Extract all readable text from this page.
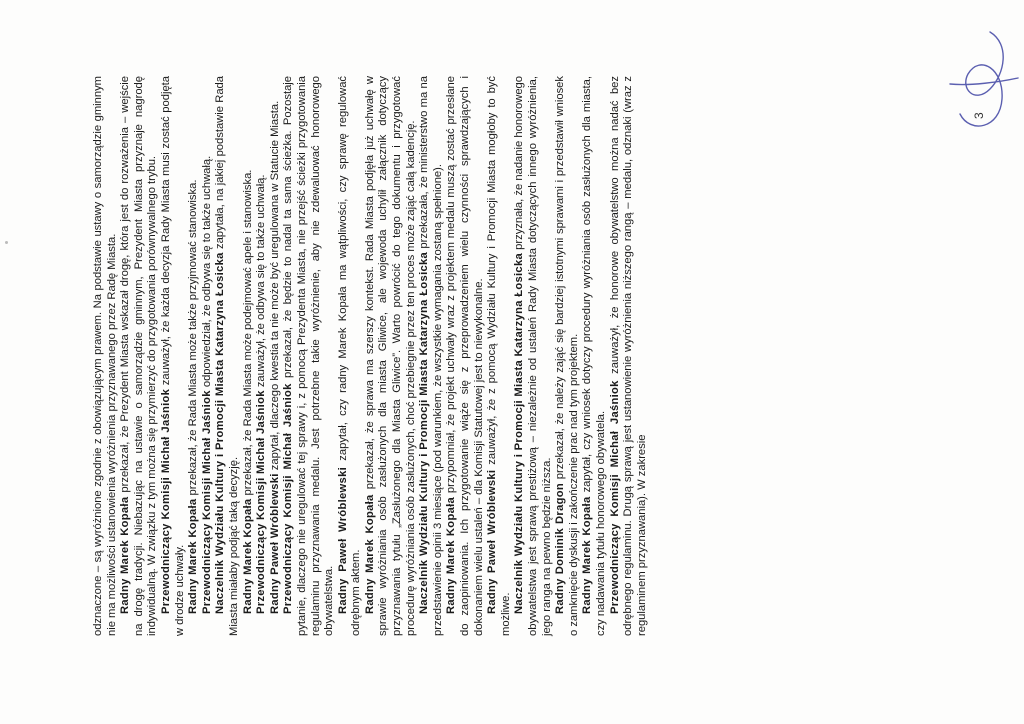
odznaczone – są wyróżnione zgodnie z obowiązującym prawem. Na podstawie ustawy o samorządzie gminnym nie ma możliwości ustanowienia wyróżnienia przyznawanego przez Radę Miasta. Radny Marek Kopała przekazał, że Prezydent Miasta wskazał drogę, która jest do rozważenia – wejście na drogę tradycji. Niebazując na ustawie o samorządzie gminnym, Prezydent Miasta przyznaje nagrodę indywidualną. W związku z tym można się przymierzyć do przygotowania porównywalnego trybu. Przewodniczący Komisji Michał Jaśniok zauważył, że każda decyzja Rady Miasta musi zostać podjęta w drodze uchwały. Radny Marek Kopała przekazał, że Rada Miasta może także przyjmować stanowiska.

Przewodniczący Komisji Michał Jaśniok odpowiedział, że odbywa się to także uchwałą. Naczelnik Wydziału Kultury i Promocji Miasta Katarzyna Łosicka zapytała, na jakiej podstawie Rada Miasta miałaby podjąć taką decyzję. Radny Marek Kopała przekazał, że Rada Miasta może podejmować apele i stanowiska.

Przewodniczący Komisji Michał Jaśniok zauważył, że odbywa się to także uchwałą.

Radny Paweł Wróblewski zapytał, dlaczego kwestia ta nie może być uregulowana w Statucie Miasta.

Przewodniczący Komisji Michał Jaśniok przekazał, że będzie to nadal ta sama ścieżka. Pozostaje pytanie, dlaczego nie uregulować tej sprawy i, z pomocą Prezydenta Miasta, nie przejść ścieżki przygotowania regulaminu przyznawania medalu. Jest potrzebne takie wyróżnienie, aby nie zdewaluować honorowego obywatelstwa. Radny Paweł Wróblewski zapytał, czy radny Marek Kopała ma wątpliwości, czy sprawę regulować odrębnym aktem. Radny Marek Kopała przekazał, że sprawa ma szerszy kontekst. Rada Miasta podjęła już uchwałę w sprawie wyróżniania osób zasłużonych dla miasta Gliwice, ale wojewoda uchylił załącznik dotyczący przyznawania tytułu „Zasłużonego dla Miasta Gliwice”. Warto powrócić do tego dokumentu i przygotować procedurę wyróżniania osób zasłużonych, choć przebiegnie przez ten proces może zająć całą kadencję. Naczelnik Wydziału Kultury i Promocji Miasta Katarzyna Łosicka przekazała, że ministerstwo ma na przedstawienie opinii 3 miesiące (pod warunkiem, że wszystkie wymagania zostaną spełnione). Radny Marek Kopała przypomniał, że projekt uchwały wraz z projektem medalu muszą zostać przesłane do zaopiniowania. Ich przygotowanie wiąże się z przeprowadzeniem wielu czynności sprawdzających i dokonaniem wielu ustaleń – dla Komisji Statutowej jest to niewykonalne. Radny Paweł Wróblewski zauważył, że z pomocą Wydziału Kultury i Promocji Miasta mogłoby to być możliwe.

Naczelnik Wydziału Kultury i Promocji Miasta Katarzyna Łosicka przyznała, że nadanie honorowego obywatelstwa jest sprawą prestiżową – niezależnie od ustaleń Rady Miasta dotyczących innego wyróżnienia, jego ranga na pewno będzie niższa. Radny Dominik Dragon przekazał, że należy zająć się bardziej istotnymi sprawami i przedstawił wniosek o zamknięcie dyskusji i zakończenie prac nad tym projektem. Radny Marek Kopała zapytał, czy wniosek dotyczy procedury wyróżniania osób zasłużonych dla miasta, czy nadawania tytułu honorowego obywatela. Przewodniczący Komisji Michał Jaśniok zauważył, że honorowe obywatelstwo można nadać bez odrębnego regulaminu. Drugą sprawą jest ustanowienie wyróżnienia niższego rangą – medalu, odznaki (wraz z regulaminem przyznawania). W zakresie

3
